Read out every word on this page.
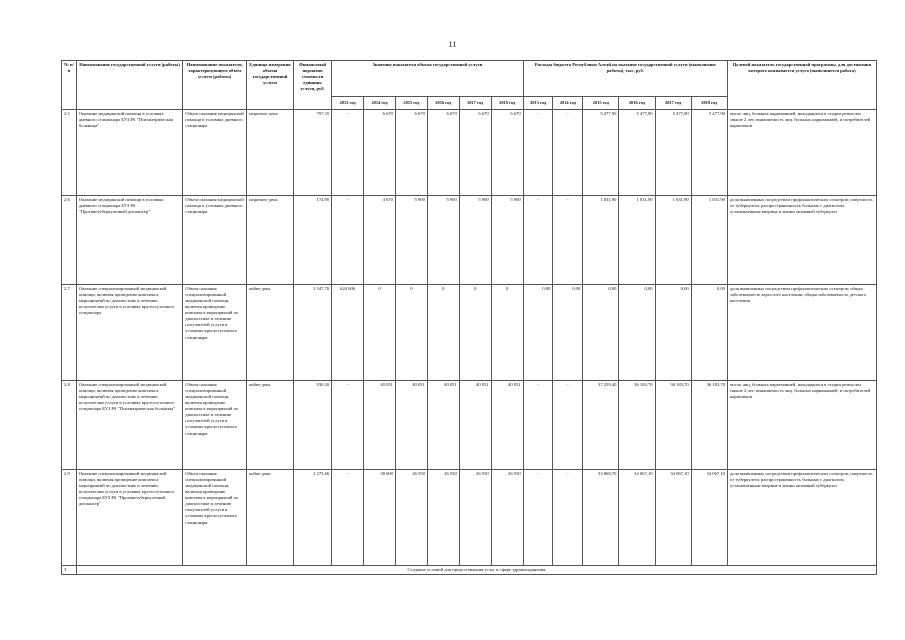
11
№ п/п	Наименование государственной услуги (работы)	Наименование показателя, характеризующего объем услуги (работы)	Единица измерения объема государственной услуги	Финансовый норматив стоимости единицы услуги, руб.	Значение показателя объема государственной услуги						Расходы бюджета Республики Алтай на оказание государственной услуги (выполнение работы), тыс. руб.						Целевой показатель государственной программы, для достижения которого оказывается услуга (выполняется работа)
					2013 год	2014 год	2015 год	2016 год	2017 год	2018 год	2013 год	2014 год	2015 год	2016 год	2017 год	2018 год	
2.5	Оказание медицинской помощи в условиях дневного стационара БУЗ РА "Психиатрическая больница"	Объем оказания медицинской помощи в условиях дневного стационара	пациенто-день	797,35	-	6 670	6 670	6 670	6 670	6 670	-	-	5 477,90	5 477,90	5 477,90	5 477,90	число лиц, больных наркоманией, находящихся в стадии ремиссии свыше 2 лет; выявляемость лиц, больных наркоманией, и потребителей наркотиков
2.6	Оказание медицинской помощи в условиях дневного стационара БУЗ РА "Противотуберкулезный диспансер"	Объем оказания медицинской помощи в условиях дневного стационара	пациенто-день	174,90	-	4 670	5 900	5 900	5 900	5 900	-	-	1 031,90	1 031,90	1 031,90	1 031,90	доля выявленных посредством профилактических осмотров; смертность от туберкулеза; распространенность больных с диагнозом, установленным впервые в жизни активный туберкулез
2.7	Оказание специализированной медицинской помощи, включая проведение комплекса мероприятий по диагностике и лечению, получателям услуги в условиях круглосуточного стационара	Объем оказания специализированной медицинской помощи, включая проведение комплекса мероприятий по диагностике и лечению получателей услуги в условиях круглосуточного стационара	койко-день	1 547,70	624 006	0	0	0	0	0	0,00	0,00	0,00	0,00	0,00	0,00	доля выявленных посредством профилактических осмотров; общая заболеваемость взрослого населения; общая заболеваемость детского населения
2.8	Оказание специализированной медицинской помощи, включая проведение комплекса мероприятий по диагностике и лечению получателям услуги в условиях круглосуточного стационара БУЗ РА "Психиатрическая больница"	Объем оказания специализированной медицинской помощи, включая проведение комплекса мероприятий по диагностике и лечению получателей услуги в условиях круглосуточного стационара	койко-день	930,20	-	40 051	40 051	40 051	40 051	40 051	-	-	37 259,40	36 183,70	36 183,70	36 183,70	число лиц, больных наркоманией, находящихся в стадии ремиссии свыше 2 лет; выявляемость лиц, больных наркоманией, и потребителей наркотиков
2.9	Оказание специализированной медицинской помощи, включая проведение комплекса мероприятий по диагностике и лечению, получателям услуги в условиях круглосуточного стационара БУЗ РА "Противотуберкулезный диспансер"	Объем оказания специализированной медицинской помощи, включая проведение комплекса мероприятий по диагностике и лечению получателей услуги в условиях круглосуточного стационара	койко-день	1 275,66	-	38 600	26 550	26 550	26 550	26 550	-	-	33 868,70	34 067,10	34 067,10	34 067,10	доля выявленных посредством профилактических осмотров; смертность от туберкулеза; распространенность больных с диагнозом, установленным впервые в жизни активный туберкулез
3	Создание условий для предоставления услуг в сфере здравоохранения																
